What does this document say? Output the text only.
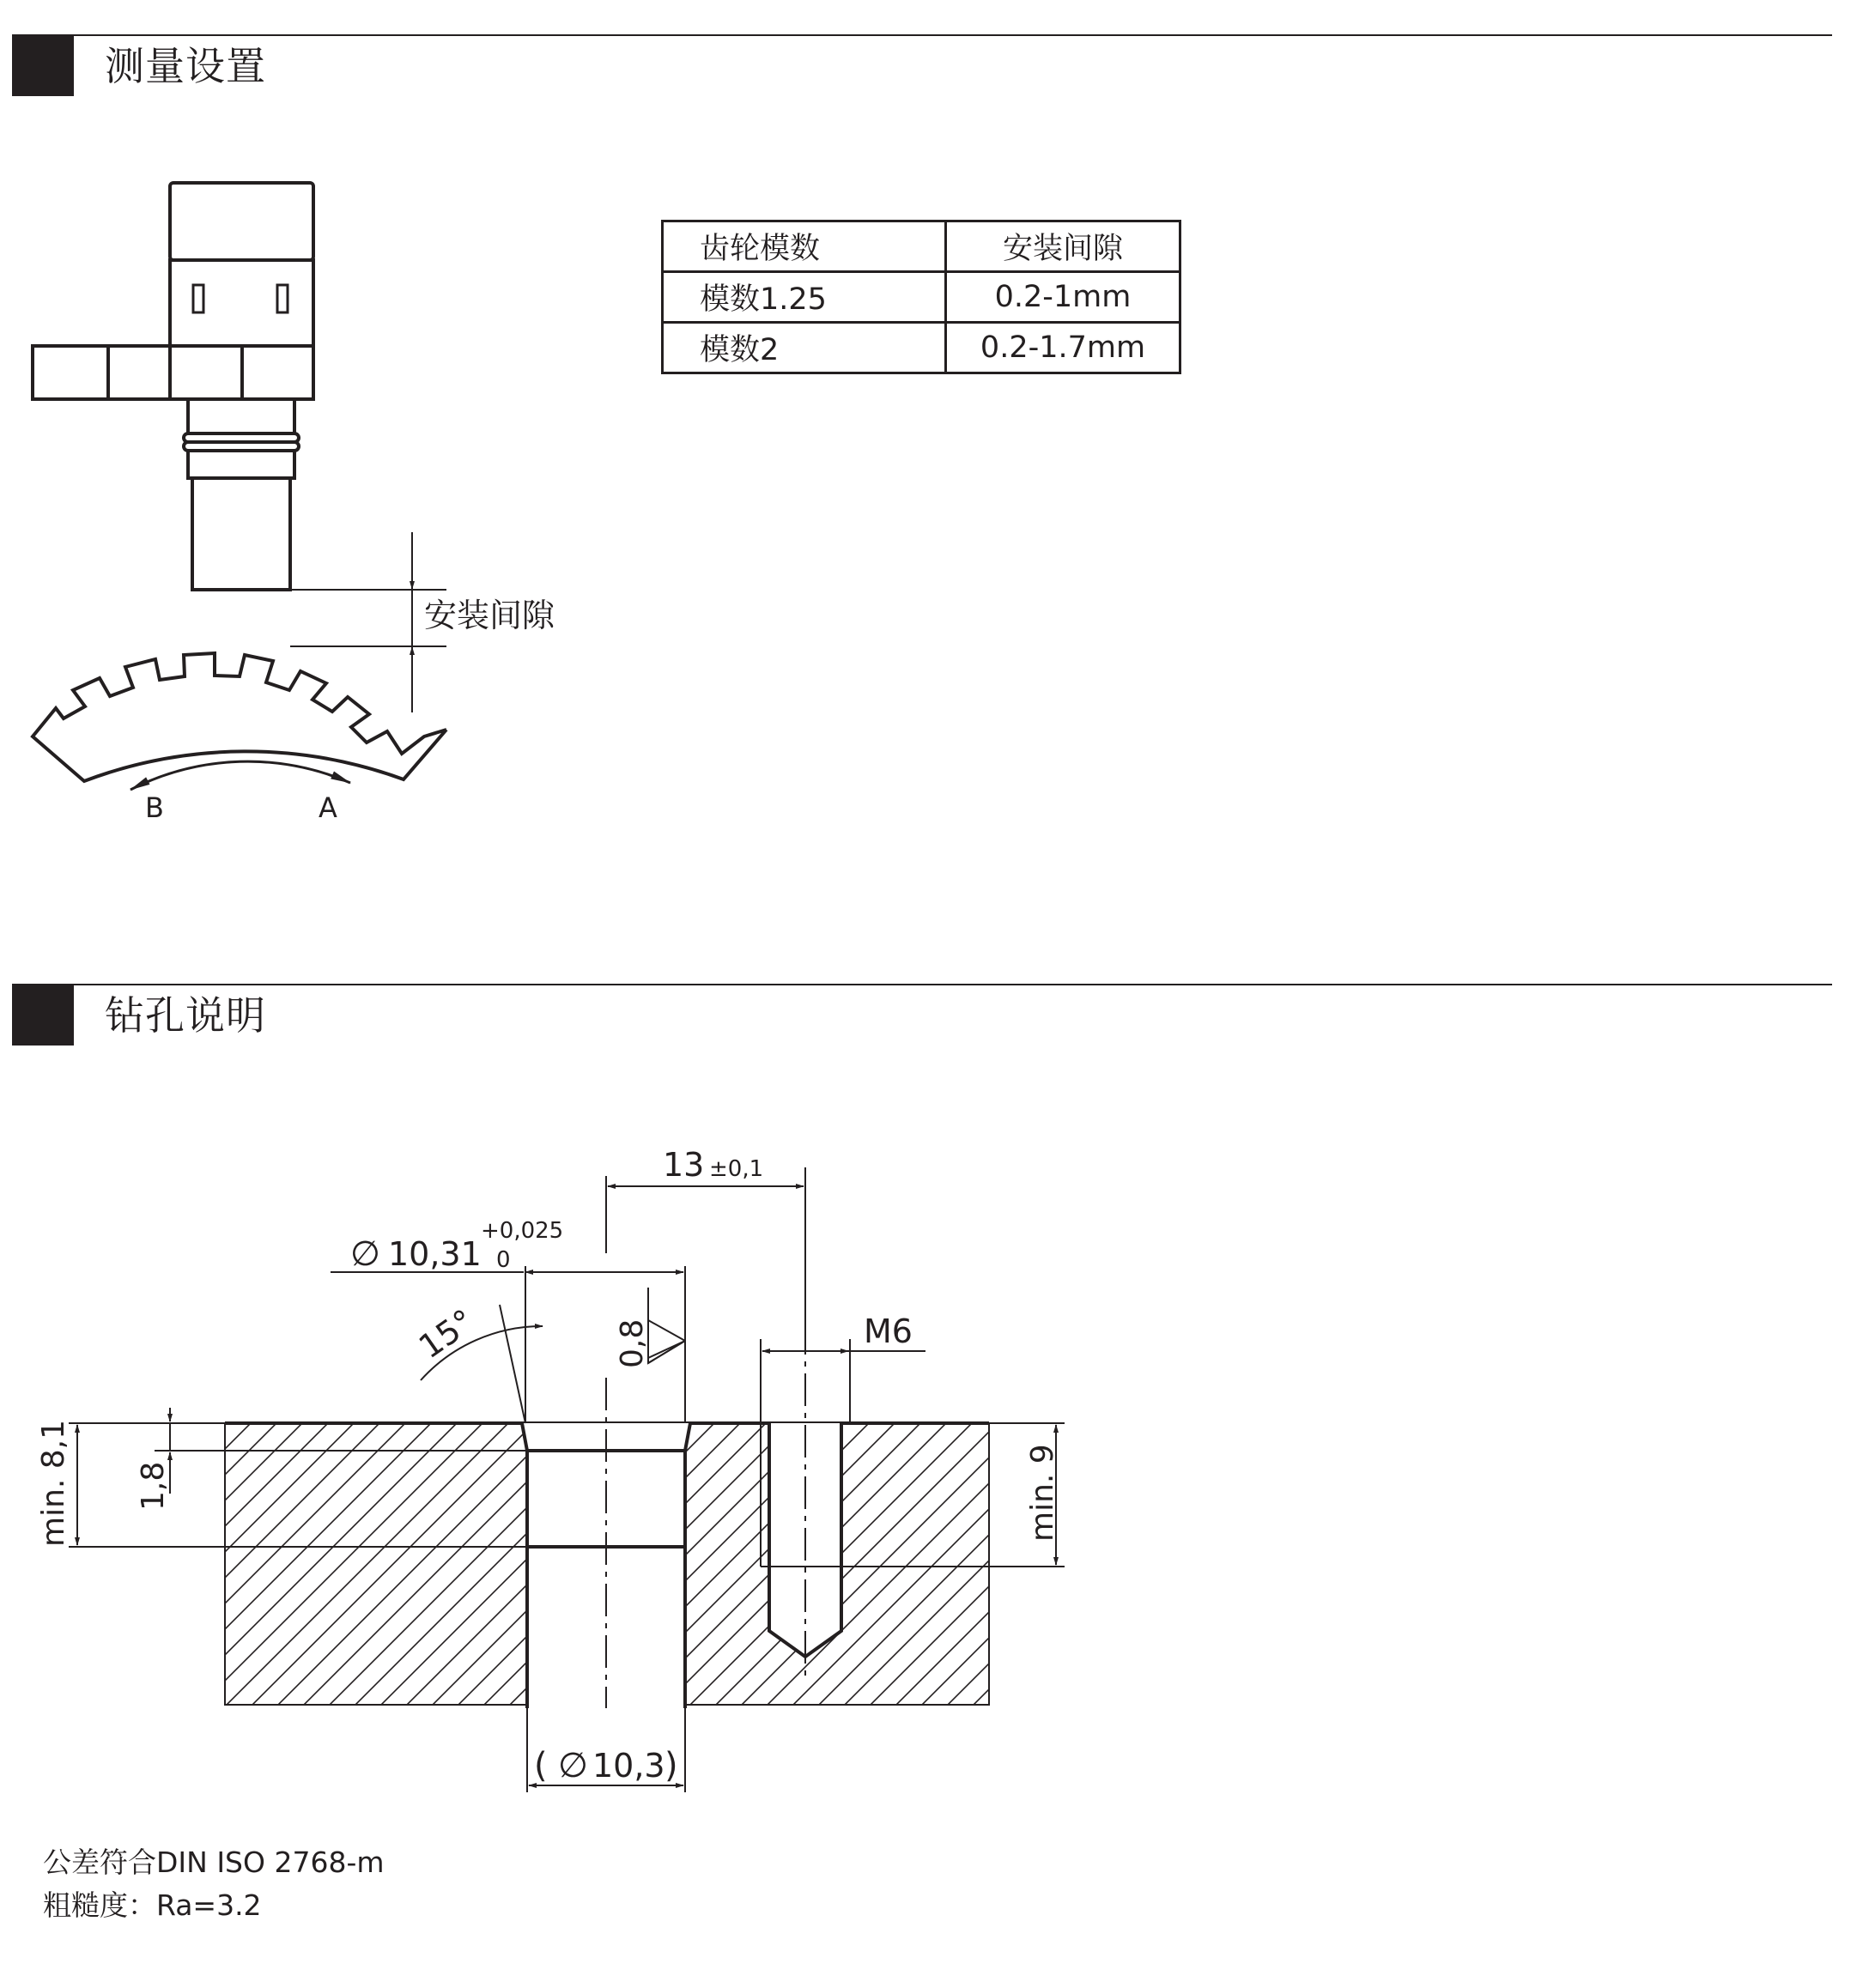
测量设置
钻孔说明
齿轮模数	安装间隙
模数1.25	0.2-1mm
模数2	0.2-1.7mm
B	A
安装间隙
13 ±0,1
∅ 10,31
+0,025
0
15°	0,8	M6
min. 8,1 1,8	min. 9
( ∅ 10,3 )
公差符合DIN ISO 2768-m
粗糙度：Ra=3.2
